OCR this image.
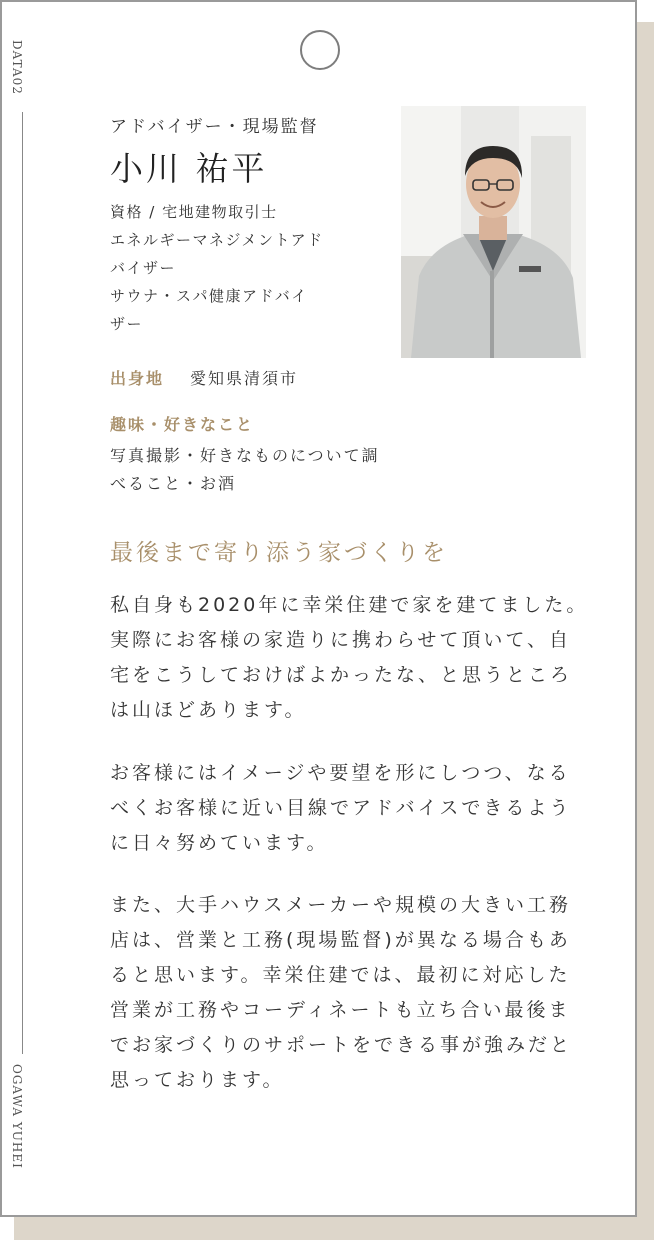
DATA02
OGAWA YUHEI
アドバイザー・現場監督
小川 祐平
資格 / 宅地建物取引士
エネルギーマネジメントアド
バイザー
サウナ・スパ健康アドバイ
ザー
出身地 愛知県清須市
趣味・好きなこと
写真撮影・好きなものについて調べること・お酒
最後まで寄り添う家づくりを
私自身も2020年に幸栄住建で家を建てました。実際にお客様の家造りに携わらせて頂いて、自宅をこうしておけばよかったな、と思うところは山ほどあります。
お客様にはイメージや要望を形にしつつ、なるべくお客様に近い目線でアドバイスできるように日々努めています。
また、大手ハウスメーカーや規模の大きい工務店は、営業と工務(現場監督)が異なる場合もあると思います。幸栄住建では、最初に対応した営業が工務やコーディネートも立ち合い最後までお家づくりのサポートをできる事が強みだと思っております。
